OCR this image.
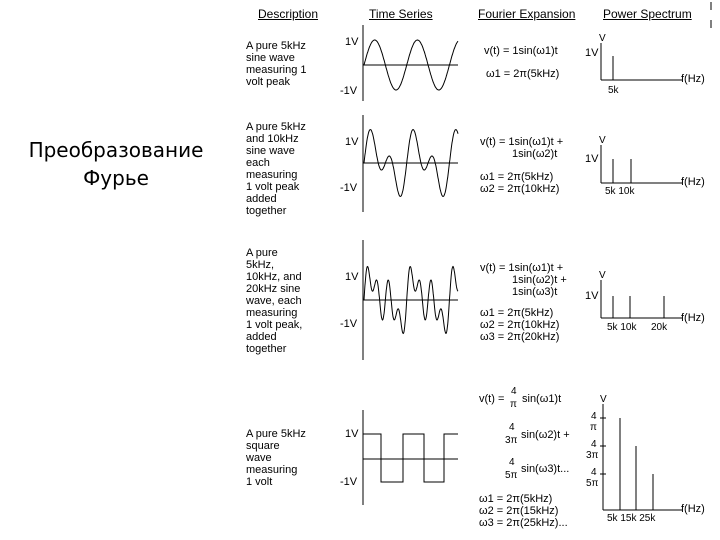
Преобразование
Фурье
Description	Time Series	Fourier Expansion Power Spectrum
A pure 5kHz
sine wave
measuring 1
volt peak
A pure 5kHz
and 10kHz
sine wave
each
measuring
1 volt peak
added
together
A pure
5kHz,
10kHz, and
20kHz sine
wave, each
measuring
1 volt peak,
added
together
A pure 5kHz
square
wave
measuring
1 volt
1V
-1V
1V
-1V
1V
-1V
1V
-1V
v(t) = 1sin(ω1)t
ω1 = 2π(5kHz)
v(t) = 1sin(ω1)t +
1sin(ω2)t
ω1 = 2π(5kHz)
ω2 = 2π(10kHz)
v(t) = 1sin(ω1)t +
1sin(ω2)t +
1sin(ω3)t
ω1 = 2π(5kHz)
ω2 = 2π(10kHz)
ω3 = 2π(20kHz)
v(t) =
4
π sin(ω1)t
4
3π sin(ω2)t +
4
5π
sin(ω3)t...
ω1 = 2π(5kHz)
ω2 = 2π(15kHz)
ω3 = 2π(25kHz)...
V
1V
f(Hz)
5k
V
1V
f(Hz)
5k 10k
V
1V
f(Hz)
5k 10k 20k
V
4
π
4
3π
4
5π
f(Hz)
5k 15k 25k
